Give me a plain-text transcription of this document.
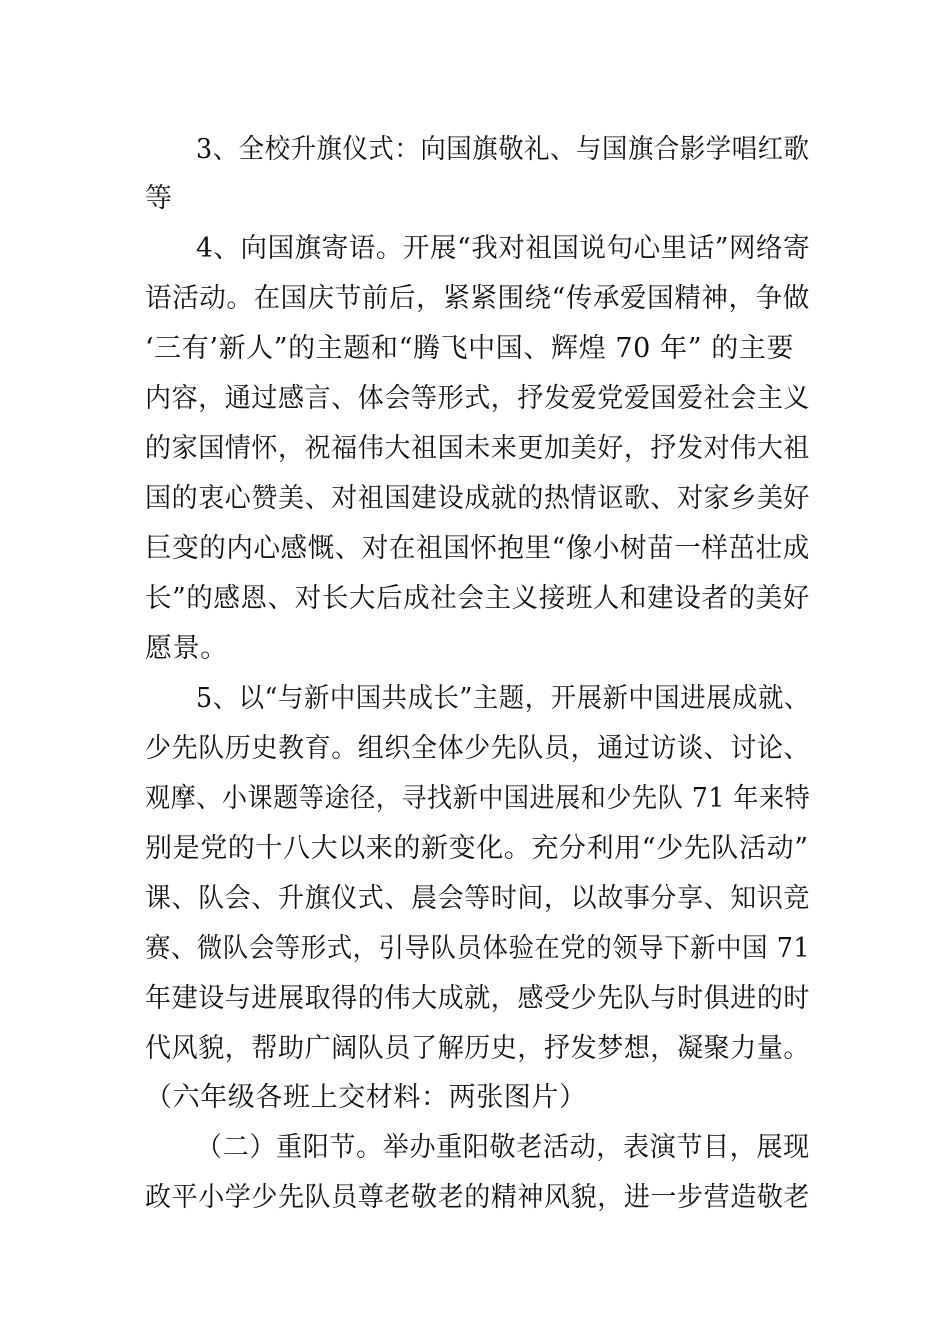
3、全校升旗仪式：向国旗敬礼、与国旗合影学唱红歌
等
4、向国旗寄语。开展“我对祖国说句心里话”网络寄
语活动。在国庆节前后，紧紧围绕“传承爱国精神，争做
‘三有’新人”的主题和“腾飞中国、辉煌 70 年” 的主要
内容，通过感言、体会等形式，抒发爱党爱国爱社会主义
的家国情怀，祝福伟大祖国未来更加美好，抒发对伟大祖
国的衷心赞美、对祖国建设成就的热情讴歌、对家乡美好
巨变的内心感慨、对在祖国怀抱里“像小树苗一样茁壮成
长”的感恩、对长大后成社会主义接班人和建设者的美好
愿景。
5、以“与新中国共成长”主题，开展新中国进展成就、
少先队历史教育。组织全体少先队员，通过访谈、讨论、
观摩、小课题等途径，寻找新中国进展和少先队 71 年来特
别是党的十八大以来的新变化。充分利用“少先队活动”
课、队会、升旗仪式、晨会等时间，以故事分享、知识竞
赛、微队会等形式，引导队员体验在党的领导下新中国 71
年建设与进展取得的伟大成就，感受少先队与时俱进的时
代风貌，帮助广阔队员了解历史，抒发梦想，凝聚力量。
（六年级各班上交材料：两张图片）
（二）重阳节。举办重阳敬老活动，表演节目，展现
政平小学少先队员尊老敬老的精神风貌，进一步营造敬老
